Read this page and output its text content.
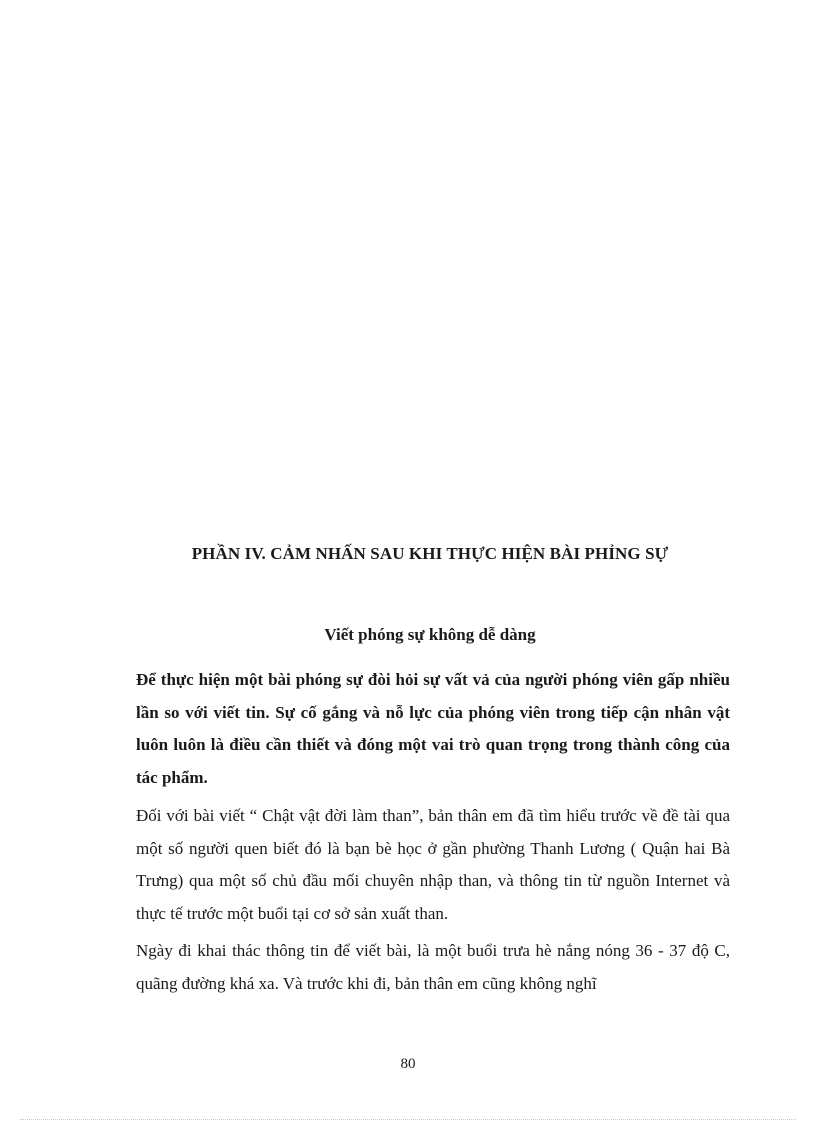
PHẦN IV. CẢM NHẤN SAU KHI THỰC HIỆN BÀI PHỈNG SỰ
Viết phóng sự không dễ dàng

Để thực hiện một bài phóng sự đòi hỏi sự vất vả của người phóng viên gấp nhiều lần so với viết tin. Sự cố gắng và nỗ lực của phóng viên trong tiếp cận nhân vật luôn luôn là điều cần thiết và đóng một vai trò quan trọng trong thành công của tác phẩm.

Đối với bài viết “ Chật vật đời làm than”, bản thân em đã tìm hiểu trước về đề tài qua một số người quen biết đó là bạn bè học ở gần phường Thanh Lương ( Quận hai Bà Trưng) qua một số chủ đầu mối chuyên nhập than, và thông tin từ nguồn Internet và thực tế trước một buổi tại cơ sở sản xuất than.

Ngày đi khai thác thông tin để viết bài, là một buổi trưa hè nắng nóng 36 - 37 độ C, quãng đường khá xa. Và trước khi đi, bản thân em cũng không nghĩ

80
